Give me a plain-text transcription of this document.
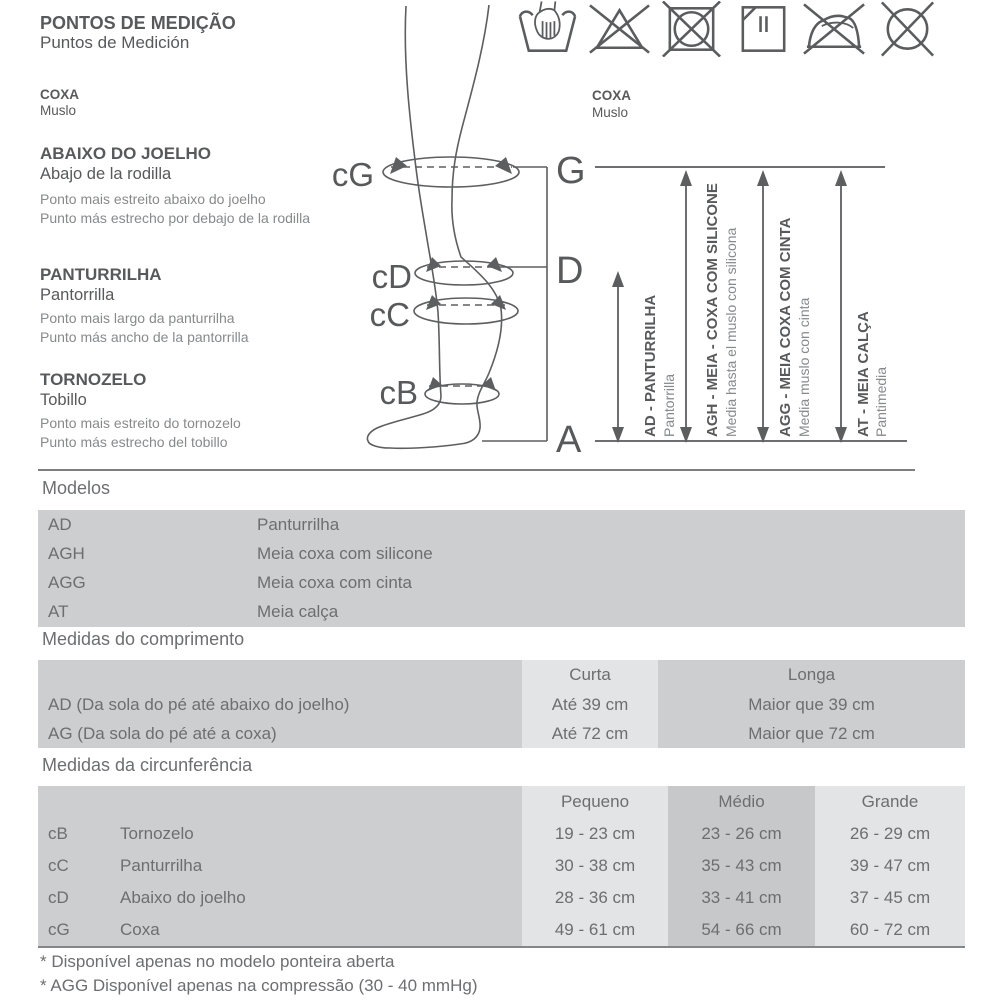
PONTOS DE MEDIÇÃO
Puntos de Medición
COXA
Muslo
ABAIXO DO JOELHO
Abajo de la rodilla
Ponto mais estreito abaixo do joelho
Punto más estrecho por debajo de la rodilla
PANTURRILHA
Pantorrilla
Ponto mais largo da panturrilha
Punto más ancho de la pantorrilla
TORNOZELO
Tobillo
Ponto mais estreito do tornozelo
Punto más estrecho del tobillo
cG
cD
cC
cB
G
D
A
COXA
Muslo
AD - PANTURRILHA Pantorrilla AGH - MEIA - COXA COM SILICONE Media hasta el muslo con silicona	AGG - MEIA COXA COM CINTA Media muslo con cinta	AT - MEIA CALÇA Pantimedia
Modelos
AD	Panturrilha
AGH	Meia coxa com silicone
AGG	Meia coxa com cinta
AT	Meia calça
Medidas do comprimento
Curta	Longa
AD (Da sola do pé até abaixo do joelho)	Até 39 cm	Maior que 39 cm
AG (Da sola do pé até a coxa)	Até 72 cm	Maior que 72 cm
Medidas da circunferência
Pequeno	Médio	Grande
cB	Tornozelo	19 - 23 cm	23 - 26 cm	26 - 29 cm
cC	Panturrilha	30 - 38 cm	35 - 43 cm	39 - 47 cm
cD	Abaixo do joelho	28 - 36 cm	33 - 41 cm	37 - 45 cm
cG	Coxa	49 - 61 cm	54 - 66 cm	60 - 72 cm
* Disponível apenas no modelo ponteira aberta
* AGG Disponível apenas na compressão (30 - 40 mmHg)
